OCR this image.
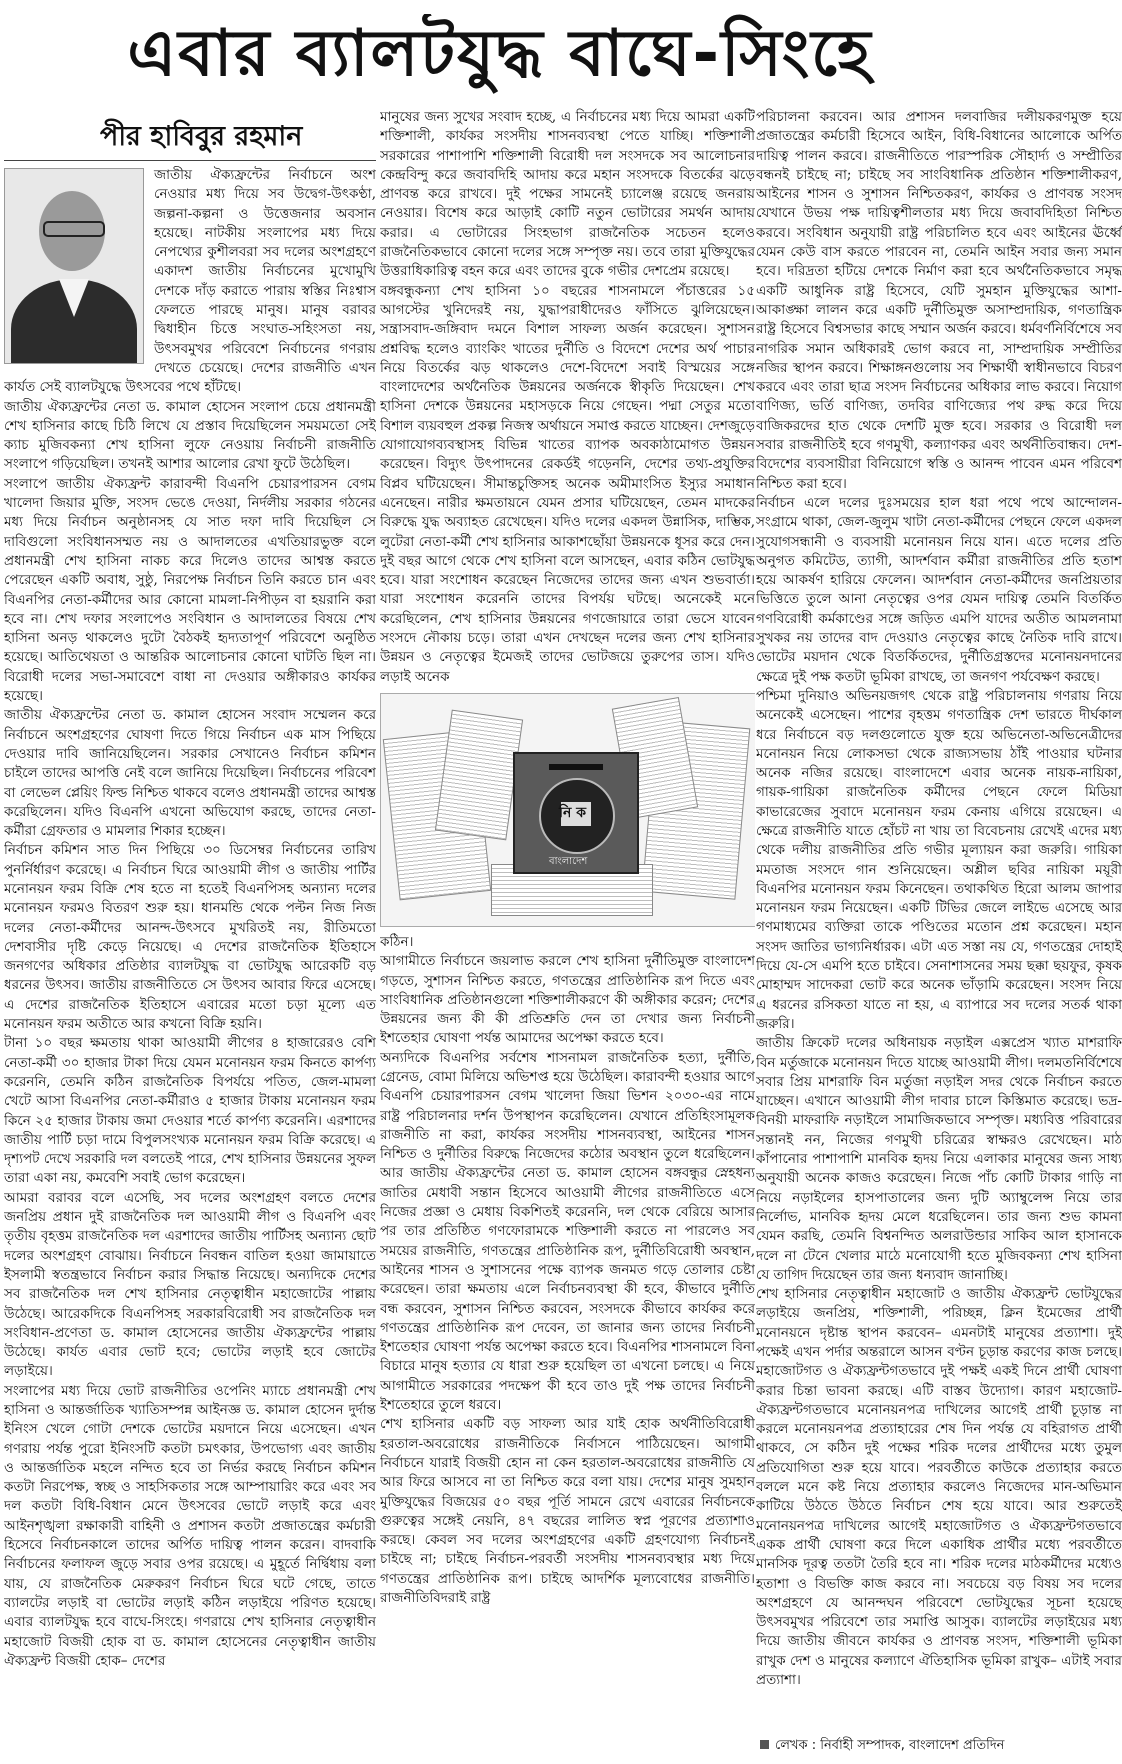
এবার ব্যালটযুদ্ধ বাঘে-সিংহে
পীর হাবিবুর রহমান

জাতীয় ঐক্যফ্রন্টের নির্বাচনে অংশ নেওয়ার মধ্য দিয়ে সব উদ্বেগ-উৎকণ্ঠা, জল্পনা-কল্পনা ও উত্তেজনার অবসান হয়েছে। নাটকীয় সংলাপের মধ্য দিয়ে নেপথ্যের কুশীলবরা সব দলের অংশগ্রহণে একাদশ জাতীয় নির্বাচনের মুখোমুখি দেশকে দাঁড় করাতে পারায় স্বস্তির নিঃশ্বাস ফেলতে পারছে মানুষ। মানুষ বরাবর দ্বিধাহীন চিত্তে সংঘাত-সহিংসতা নয়, উৎসবমুখর পরিবেশে নির্বাচনের গণরায় দেখতে চেয়েছে। দেশের রাজনীতি এখন কার্যত সেই ব্যালটযুদ্ধে উৎসবের পথে হাঁটছে।

জাতীয় ঐক্যফ্রন্টের নেতা ড. কামাল হোসেন সংলাপ চেয়ে প্রধানমন্ত্রী শেখ হাসিনার কাছে চিঠি লিখে যে প্রস্তাব দিয়েছিলেন সময়মতো সেই ক্যাচ মুজিবকন্যা শেখ হাসিনা লুফে নেওয়ায় নির্বাচনী রাজনীতি সংলাপে গড়িয়েছিল। তখনই আশার আলোর রেখা ফুটে উঠেছিল।

সংলাপে জাতীয় ঐক্যফ্রন্ট কারাবন্দী বিএনপি চেয়ারপারসন বেগম খালেদা জিয়ার মুক্তি, সংসদ ভেঙে দেওয়া, নির্দলীয় সরকার গঠনের মধ্য দিয়ে নির্বাচন অনুষ্ঠানসহ যে সাত দফা দাবি দিয়েছিল সে দাবিগুলো সংবিধানসম্মত নয় ও আদালতের এখতিয়ারভুক্ত বলে প্রধানমন্ত্রী শেখ হাসিনা নাকচ করে দিলেও তাদের আশ্বস্ত করতে পেরেছেন একটি অবাধ, সুষ্ঠু, নিরপেক্ষ নির্বাচন তিনি করতে চান এবং বিএনপির নেতা-কর্মীদের আর কোনো মামলা-নিপীড়ন বা হয়রানি করা হবে না। শেখ দফার সংলাপেও সংবিধান ও আদালতের বিষয়ে শেখ হাসিনা অনড় থাকলেও দুটো বৈঠকই হৃদ্যতাপূর্ণ পরিবেশে অনুষ্ঠিত হয়েছে। আতিথেয়তা ও আন্তরিক আলোচনার কোনো ঘাটতি ছিল না। বিরোধী দলের সভা-সমাবেশে বাধা না দেওয়ার অঙ্গীকারও কার্যকর হয়েছে।

জাতীয় ঐক্যফ্রন্টের নেতা ড. কামাল হোসেন সংবাদ সম্মেলন করে নির্বাচনে অংশগ্রহণের ঘোষণা দিতে গিয়ে নির্বাচন এক মাস পিছিয়ে দেওয়ার দাবি জানিয়েছিলেন। সরকার সেখানেও নির্বাচন কমিশন চাইলে তাদের আপত্তি নেই বলে জানিয়ে দিয়েছিল। নির্বাচনের পরিবেশ বা লেভেল প্লেয়িং ফিল্ড নিশ্চিত থাকবে বলেও প্রধানমন্ত্রী তাদের আশ্বস্ত করেছিলেন। যদিও বিএনপি এখনো অভিযোগ করছে, তাদের নেতা-কর্মীরা গ্রেফতার ও মামলার শিকার হচ্ছেন।

নির্বাচন কমিশন সাত দিন পিছিয়ে ৩০ ডিসেম্বর নির্বাচনের তারিখ পুনর্নির্ধারণ করেছে। এ নির্বাচন ঘিরে আওয়ামী লীগ ও জাতীয় পার্টির মনোনয়ন ফরম বিক্রি শেষ হতে না হতেই বিএনপিসহ অন্যান্য দলের মনোনয়ন ফরমও বিতরণ শুরু হয়। ধানমন্ডি থেকে পল্টন নিজ নিজ দলের নেতা-কর্মীদের আনন্দ-উৎসবে মুখরিতই নয়, রীতিমতো দেশবাসীর দৃষ্টি কেড়ে নিয়েছে। এ দেশের রাজনৈতিক ইতিহাসে জনগণের অধিকার প্রতিষ্ঠার ব্যালটযুদ্ধ বা ভোটযুদ্ধ আরেকটি বড় ধরনের উৎসব। জাতীয় রাজনীতিতে সে উৎসব আবার ফিরে এসেছে। এ দেশের রাজনৈতিক ইতিহাসে এবারের মতো চড়া মূল্যে এত মনোনয়ন ফরম অতীতে আর কখনো বিক্রি হয়নি।

টানা ১০ বছর ক্ষমতায় থাকা আওয়ামী লীগের ৪ হাজারেরও বেশি নেতা-কর্মী ৩০ হাজার টাকা দিয়ে যেমন মনোনয়ন ফরম কিনতে কার্পণ্য করেননি, তেমনি কঠিন রাজনৈতিক বিপর্যয়ে পতিত, জেল-মামলা খেটে আসা বিএনপির নেতা-কর্মীরাও ৫ হাজার টাকায় মনোনয়ন ফরম কিনে ২৫ হাজার টাকায় জমা দেওয়ার শর্তে কার্পণ্য করেননি। এরশাদের জাতীয় পার্টি চড়া দামে বিপুলসংখ্যক মনোনয়ন ফরম বিক্রি করেছে। এ দৃশ্যপট দেখে সরকারি দল বলতেই পারে, শেখ হাসিনার উন্নয়নের সুফল তারা একা নয়, কমবেশি সবাই ভোগ করেছেন।

আমরা বরাবর বলে এসেছি, সব দলের অংশগ্রহণ বলতে দেশের জনপ্রিয় প্রধান দুই রাজনৈতিক দল আওয়ামী লীগ ও বিএনপি এবং তৃতীয় বৃহত্তম রাজনৈতিক দল এরশাদের জাতীয় পার্টিসহ অন্যান্য ছোট দলের অংশগ্রহণ বোঝায়। নির্বাচনে নিবন্ধন বাতিল হওয়া জামায়াতে ইসলামী স্বতন্ত্রভাবে নির্বাচন করার সিদ্ধান্ত নিয়েছে। অন্যদিকে দেশের সব রাজনৈতিক দল শেখ হাসিনার নেতৃত্বাধীন মহাজোটের পাল্লায় উঠেছে। আরেকদিকে বিএনপিসহ সরকারবিরোধী সব রাজনৈতিক দল সংবিধান-প্রণেতা ড. কামাল হোসেনের জাতীয় ঐক্যফ্রন্টের পাল্লায় উঠেছে। কার্যত এবার ভোট হবে; ভোটের লড়াই হবে জোটের লড়াইয়ে।

সংলাপের মধ্য দিয়ে ভোট রাজনীতির ওপেনিং ম্যাচে প্রধানমন্ত্রী শেখ হাসিনা ও আন্তর্জাতিক খ্যাতিসম্পন্ন আইনজ্ঞ ড. কামাল হোসেন দুর্দান্ত ইনিংস খেলে গোটা দেশকে ভোটের ময়দানে নিয়ে এসেছেন। এখন গণরায় পর্যন্ত পুরো ইনিংসটি কতটা চমৎকার, উপভোগ্য এবং জাতীয় ও আন্তর্জাতিক মহলে নন্দিত হবে তা নির্ভর করছে নির্বাচন কমিশন কতটা নিরপেক্ষ, স্বচ্ছ ও সাহসিকতার সঙ্গে আম্পায়ারিং করে এবং সব দল কতটা বিধি-বিধান মেনে উৎসবের ভোটে লড়াই করে এবং আইনশৃঙ্খলা রক্ষাকারী বাহিনী ও প্রশাসন কতটা প্রজাতন্ত্রের কর্মচারী হিসেবে নির্বাচনকালে তাদের অর্পিত দায়িত্ব পালন করেন। বাদবাকি নির্বাচনের ফলাফল জুড়ে সবার ওপর রয়েছে। এ মুহূর্তে নির্দ্বিধায় বলা যায়, যে রাজনৈতিক মেরুকরণ নির্বাচন ঘিরে ঘটে গেছে, তাতে ব্যালটের লড়াই বা ভোটের লড়াই কঠিন লড়াইয়ে পরিণত হয়েছে। এবার ব্যালটযুদ্ধ হবে বাঘে-সিংহে। গণরায়ে শেখ হাসিনার নেতৃত্বাধীন মহাজোট বিজয়ী হোক বা ড. কামাল হোসেনের নেতৃত্বাধীন জাতীয় ঐক্যফ্রন্ট বিজয়ী হোক– দেশের

মানুষের জন্য সুখের সংবাদ হচ্ছে, এ নির্বাচনের মধ্য দিয়ে আমরা একটি শক্তিশালী, কার্যকর সংসদীয় শাসনব্যবস্থা পেতে যাচ্ছি। শক্তিশালী সরকারের পাশাপাশি শক্তিশালী বিরোধী দল সংসদকে সব আলোচনার কেন্দ্রবিন্দু করে জবাবদিহি আদায় করে মহান সংসদকে বিতর্কের ঝড়ে প্রাণবন্ত করে রাখবে। দুই পক্ষের সামনেই চ্যালেঞ্জ রয়েছে জনরায় নেওয়ার। বিশেষ করে আড়াই কোটি নতুন ভোটারের সমর্থন আদায় করার। এ ভোটারের সিংহভাগ রাজনৈতিক সচেতন হলেও রাজনৈতিকভাবে কোনো দলের সঙ্গে সম্পৃক্ত নয়। তবে তারা মুক্তিযুদ্ধের উত্তরাধিকারিত্ব বহন করে এবং তাদের বুকে গভীর দেশপ্রেম রয়েছে।

বঙ্গবন্ধুকন্যা শেখ হাসিনা ১০ বছরের শাসনামলে পঁচাত্তরের ১৫ আগস্টের খুনিদেরই নয়, যুদ্ধাপরাধীদেরও ফাঁসিতে ঝুলিয়েছেন। সন্ত্রাসবাদ-জঙ্গিবাদ দমনে বিশাল সাফল্য অর্জন করেছেন। সুশাসন প্রশ্নবিদ্ধ হলেও ব্যাংকিং খাতের দুর্নীতি ও বিদেশে দেশের অর্থ পাচার নিয়ে বিতর্কের ঝড় থাকলেও দেশে-বিদেশে সবাই বিস্ময়ের সঙ্গে বাংলাদেশের অর্থনৈতিক উন্নয়নের অর্জনকে স্বীকৃতি দিয়েছেন। শেখ হাসিনা দেশকে উন্নয়নের মহাসড়কে নিয়ে গেছেন। পদ্মা সেতুর মতো বিশাল ব্যয়বহুল প্রকল্প নিজস্ব অর্থায়নে সমাপ্ত করতে যাচ্ছেন। দেশজুড়ে যোগাযোগব্যবস্থাসহ বিভিন্ন খাতের ব্যাপক অবকাঠামোগত উন্নয়ন করেছেন। বিদ্যুৎ উৎপাদনের রেকর্ডই গড়েননি, দেশের তথ্য-প্রযুক্তির বিপ্লব ঘটিয়েছেন। সীমান্তচুক্তিসহ অনেক অমীমাংসিত ইস্যুর সমাধান এনেছেন। নারীর ক্ষমতায়নে যেমন প্রসার ঘটিয়েছেন, তেমন মাদকের বিরুদ্ধে যুদ্ধ অব্যাহত রেখেছেন। যদিও দলের একদল উন্নাসিক, দাম্ভিক, লুটেরা নেতা-কর্মী শেখ হাসিনার আকাশছোঁয়া উন্নয়নকে ধূসর করে দেন। দুই বছর আগে থেকে শেখ হাসিনা বলে আসছেন, এবার কঠিন ভোটযুদ্ধ হবে। যারা সংশোধন করেছেন নিজেদের তাদের জন্য এখন শুভবার্তা। যারা সংশোধন করেননি তাদের বিপর্যয় ঘটছে। অনেকেই মনে করেছিলেন, শেখ হাসিনার উন্নয়নের গণজোয়ারে তারা ভেসে যাবেন সংসদে নৌকায় চড়ে। তারা এখন দেখছেন দলের জন্য শেখ হাসিনার উন্নয়ন ও নেতৃত্বের ইমেজই তাদের ভোটজয়ে তুরুপের তাস। যদিও লড়াই অনেক

নি ক
বাংলাদেশ

কঠিন।

আগামীতে নির্বাচনে জয়লাভ করলে শেখ হাসিনা দুর্নীতিমুক্ত বাংলাদেশ গড়তে, সুশাসন নিশ্চিত করতে, গণতন্ত্রের প্রাতিষ্ঠানিক রূপ দিতে এবং সাংবিধানিক প্রতিষ্ঠানগুলো শক্তিশালীকরণে কী অঙ্গীকার করেন; দেশের উন্নয়নের জন্য কী কী প্রতিশ্রুতি দেন তা দেখার জন্য নির্বাচনী ইশতেহার ঘোষণা পর্যন্ত আমাদের অপেক্ষা করতে হবে।

অন্যদিকে বিএনপির সর্বশেষ শাসনামল রাজনৈতিক হত্যা, দুর্নীতি, গ্রেনেড, বোমা মিলিয়ে অভিশপ্ত হয়ে উঠেছিল। কারাবন্দী হওয়ার আগে বিএনপি চেয়ারপারসন বেগম খালেদা জিয়া ভিশন ২০৩০-এর নামে রাষ্ট্র পরিচালনার দর্শন উপস্থাপন করেছিলেন। যেখানে প্রতিহিংসামূলক রাজনীতি না করা, কার্যকর সংসদীয় শাসনব্যবস্থা, আইনের শাসন নিশ্চিত ও দুর্নীতির বিরুদ্ধে নিজেদের কঠোর অবস্থান তুলে ধরেছিলেন। আর জাতীয় ঐক্যফ্রন্টের নেতা ড. কামাল হোসেন বঙ্গবন্ধুর স্নেহধন্য জাতির মেধাবী সন্তান হিসেবে আওয়ামী লীগের রাজনীতিতে এসে নিজের প্রজ্ঞা ও মেধায় বিকশিতই করেননি, দল থেকে বেরিয়ে আসার পর তার প্রতিষ্ঠিত গণফোরামকে শক্তিশালী করতে না পারলেও সব সময়ের রাজনীতি, গণতন্ত্রের প্রাতিষ্ঠানিক রূপ, দুর্নীতিবিরোধী অবস্থান, আইনের শাসন ও সুশাসনের পক্ষে ব্যাপক জনমত গড়ে তোলার চেষ্টা করেছেন। তারা ক্ষমতায় এলে নির্বাচনব্যবস্থা কী হবে, কীভাবে দুর্নীতি বন্ধ করবেন, সুশাসন নিশ্চিত করবেন, সংসদকে কীভাবে কার্যকর করে গণতন্ত্রের প্রাতিষ্ঠানিক রূপ দেবেন, তা জানার জন্য তাদের নির্বাচনী ইশতেহার ঘোষণা পর্যন্ত অপেক্ষা করতে হবে। বিএনপির শাসনামলে বিনা বিচারে মানুষ হত্যার যে ধারা শুরু হয়েছিল তা এখনো চলছে। এ নিয়ে আগামীতে সরকারের পদক্ষেপ কী হবে তাও দুই পক্ষ তাদের নির্বাচনী ইশতেহারে তুলে ধরবে।

শেখ হাসিনার একটি বড় সাফল্য আর যাই হোক অর্থনীতিবিরোধী হরতাল-অবরোধের রাজনীতিকে নির্বাসনে পাঠিয়েছেন। আগামী নির্বাচনে যারাই বিজয়ী হোন না কেন হরতাল-অবরোধের রাজনীতি যে আর ফিরে আসবে না তা নিশ্চিত করে বলা যায়। দেশের মানুষ সুমহান মুক্তিযুদ্ধের বিজয়ের ৫০ বছর পূর্তি সামনে রেখে এবারের নির্বাচনকে গুরুত্বের সঙ্গেই নেয়নি, ৪৭ বছরের লালিত স্বপ্ন পূরণের প্রত্যাশাও করছে। কেবল সব দলের অংশগ্রহণের একটি গ্রহণযোগ্য নির্বাচনই চাইছে না; চাইছে নির্বাচন-পরবর্তী সংসদীয় শাসনব্যবস্থার মধ্য দিয়ে গণতন্ত্রের প্রাতিষ্ঠানিক রূপ। চাইছে আদর্শিক মূল্যবোধের রাজনীতি। রাজনীতিবিদরাই রাষ্ট্র

পরিচালনা করবেন। আর প্রশাসন দলবাজির দলীয়করণমুক্ত হয়ে প্রজাতন্ত্রের কর্মচারী হিসেবে আইন, বিধি-বিধানের আলোকে অর্পিত দায়িত্ব পালন করবে। রাজনীতিতে পারস্পরিক সৌহার্দ্য ও সম্প্রীতির বন্ধনই চাইছে না; চাইছে সব সাংবিধানিক প্রতিষ্ঠান শক্তিশালীকরণ, আইনের শাসন ও সুশাসন নিশ্চিতকরণ, কার্যকর ও প্রাণবন্ত সংসদ যেখানে উভয় পক্ষ দায়িত্বশীলতার মধ্য দিয়ে জবাবদিহিতা নিশ্চিত করবে। সংবিধান অনুযায়ী রাষ্ট্র পরিচালিত হবে এবং আইনের ঊর্ধ্বে যেমন কেউ বাস করতে পারবেন না, তেমনি আইন সবার জন্য সমান হবে। দরিদ্রতা হটিয়ে দেশকে নির্মাণ করা হবে অর্থনৈতিকভাবে সমৃদ্ধ একটি আধুনিক রাষ্ট্র হিসেবে, যেটি সুমহান মুক্তিযুদ্ধের আশা-আকাঙ্ক্ষা লালন করে একটি দুর্নীতিমুক্ত অসাম্প্রদায়িক, গণতান্ত্রিক রাষ্ট্র হিসেবে বিশ্বসভার কাছে সম্মান অর্জন করবে। ধর্মবর্ণনির্বিশেষে সব নাগরিক সমান অধিকারই ভোগ করবে না, সাম্প্রদায়িক সম্প্রীতির নজির স্থাপন করবে। শিক্ষাঙ্গনগুলোয় সব শিক্ষার্থী স্বাধীনভাবে বিচরণ করবে এবং তারা ছাত্র সংসদ নির্বাচনের অধিকার লাভ করবে। নিয়োগ বাণিজ্য, ভর্তি বাণিজ্য, তদবির বাণিজ্যের পথ রুদ্ধ করে দিয়ে বাজিকরদের হাত থেকে দেশটি মুক্ত হবে। সরকার ও বিরোধী দল সবার রাজনীতিই হবে গণমুখী, কল্যাণকর এবং অর্থনীতিবান্ধব। দেশ-বিদেশের ব্যবসায়ীরা বিনিয়োগে স্বস্তি ও আনন্দ পাবেন এমন পরিবেশ নিশ্চিত করা হবে।

নির্বাচন এলে দলের দুঃসময়ের হাল ধরা পথে পথে আন্দোলন-সংগ্রামে থাকা, জেল-জুলুম খাটা নেতা-কর্মীদের পেছনে ফেলে একদল সুযোগসন্ধানী ও ব্যবসায়ী মনোনয়ন নিয়ে যান। এতে দলের প্রতি অনুগত কমিটেড, ত্যাগী, আদর্শবান কর্মীরা রাজনীতির প্রতি হতাশ হয়ে আকর্ষণ হারিয়ে ফেলেন। আদর্শবান নেতা-কর্মীদের জনপ্রিয়তার ভিত্তিতে তুলে আনা নেতৃত্বের ওপর যেমন দায়িত্ব তেমনি বিতর্কিত গণবিরোধী কর্মকাণ্ডের সঙ্গে জড়িত এমপি যাদের অতীত আমলনামা সুখকর নয় তাদের বাদ দেওয়াও নেতৃত্বের কাছে নৈতিক দাবি রাখে। ভোটের ময়দান থেকে বিতর্কিতদের, দুর্নীতিগ্রস্তদের মনোনয়নদানের ক্ষেত্রে দুই পক্ষ কতটা ভূমিকা রাখছে, তা জনগণ পর্যবেক্ষণ করছে।

পশ্চিমা দুনিয়াও অভিনয়জগৎ থেকে রাষ্ট্র পরিচালনায় গণরায় নিয়ে অনেকেই এসেছেন। পাশের বৃহত্তম গণতান্ত্রিক দেশ ভারতে দীর্ঘকাল ধরে নির্বাচনে বড় দলগুলোতে যুক্ত হয়ে অভিনেতা-অভিনেত্রীদের মনোনয়ন নিয়ে লোকসভা থেকে রাজ্যসভায় ঠাঁই পাওয়ার ঘটনার অনেক নজির রয়েছে। বাংলাদেশে এবার অনেক নায়ক-নায়িকা, গায়ক-গায়িকা রাজনৈতিক কর্মীদের পেছনে ফেলে মিডিয়া কাভারেজের সুবাদে মনোনয়ন ফরম কেনায় এগিয়ে রয়েছেন। এ ক্ষেত্রে রাজনীতি যাতে হোঁচট না খায় তা বিবেচনায় রেখেই এদের মধ্য থেকে দলীয় রাজনীতির প্রতি গভীর মূল্যায়ন করা জরুরি। গায়িকা মমতাজ সংসদে গান শুনিয়েছেন। অশ্লীল ছবির নায়িকা ময়ূরী বিএনপির মনোনয়ন ফরম কিনেছেন। তথাকথিত হিরো আলম জাপার মনোনয়ন ফরম নিয়েছেন। একটি টিভির জেলে লাইভে এসেছে আর গণমাধ্যমের ব্যক্তিরা তাকে পণ্ডিতের মতোন প্রশ্ন করেছেন। মহান সংসদ জাতির ভাগ্যনির্ধারক। এটা এত সস্তা নয় যে, গণতন্ত্রের দোহাই দিয়ে যে-সে এমপি হতে চাইবে। সেনাশাসনের সময় ছক্কা ছয়ফুর, কৃষক মোহাম্মদ সাদেকরা ভোট করে অনেক ভাঁড়ামি করেছেন। সংসদ নিয়ে এ ধরনের রসিকতা যাতে না হয়, এ ব্যাপারে সব দলের সতর্ক থাকা জরুরি।

জাতীয় ক্রিকেট দলের অধিনায়ক নড়াইল এক্সপ্রেস খ্যাত মাশরাফি বিন মর্তুজাকে মনোনয়ন দিতে যাচ্ছে আওয়ামী লীগ। দলমতনির্বিশেষে সবার প্রিয় মাশরাফি বিন মর্তুজা নড়াইল সদর থেকে নির্বাচন করতে যাচ্ছেন। এখানে আওয়ামী লীগ দাবার চালে কিস্তিমাত করেছে। ভদ্র-বিনয়ী মাফরাফি নড়াইলে সামাজিকভাবে সম্পৃক্ত। মধ্যবিত্ত পরিবারের সন্তানই নন, নিজের গণমুখী চরিত্রের স্বাক্ষরও রেখেছেন। মাঠ কাঁপানোর পাশাপাশি মানবিক হৃদয় নিয়ে এলাকার মানুষের জন্য সাধ্য অনুযায়ী অনেক কাজও করেছেন। নিজে পাঁচ কোটি টাকার গাড়ি না নিয়ে নড়াইলের হাসপাতালের জন্য দুটি অ্যাম্বুলেন্স নিয়ে তার নির্লোভ, মানবিক হৃদয় মেলে ধরেছিলেন। তার জন্য শুভ কামনা যেমন করছি, তেমনি বিশ্বনন্দিত অলরাউন্ডার সাকিব আল হাসানকে দলে না টেনে খেলার মাঠে মনোযোগী হতে মুজিবকন্যা শেখ হাসিনা যে তাগিদ দিয়েছেন তার জন্য ধন্যবাদ জানাচ্ছি।

শেখ হাসিনার নেতৃত্বাধীন মহাজোট ও জাতীয় ঐক্যফ্রন্ট ভোটযুদ্ধের লড়াইয়ে জনপ্রিয়, শক্তিশালী, পরিচ্ছন্ন, ক্লিন ইমেজের প্রার্থী মনোনয়নে দৃষ্টান্ত স্থাপন করবেন– এমনটাই মানুষের প্রত্যাশা। দুই পক্ষেই এখন পর্দার অন্তরালে আসন বণ্টন চূড়ান্ত করণের কাজ চলছে। মহাজোটগত ও ঐক্যফ্রন্টগতভাবে দুই পক্ষই একই দিনে প্রার্থী ঘোষণা করার চিন্তা ভাবনা করছে। এটি বাস্তব উদ্যোগ। কারণ মহাজোট-ঐক্যফ্রন্টগতভাবে মনোনয়নপত্র দাখিলের আগেই প্রার্থী চূড়ান্ত না করলে মনোনয়নপত্র প্রত্যাহারের শেষ দিন পর্যন্ত যে বহিরাগত প্রার্থী থাকবে, সে কঠিন দুই পক্ষের শরিক দলের প্রার্থীদের মধ্যে তুমুল প্রতিযোগিতা শুরু হয়ে যাবে। পরবর্তীতে কাউকে প্রত্যাহার করতে বললে মনে কষ্ট নিয়ে প্রত্যাহার করলেও নিজেদের মান-অভিমান কাটিয়ে উঠতে উঠতে নির্বাচন শেষ হয়ে যাবে। আর শুরুতেই মনোনয়নপত্র দাখিলের আগেই মহাজোটগত ও ঐক্যফ্রন্টগতভাবে একক প্রার্থী ঘোষণা করে দিলে একাধিক প্রার্থীর মধ্যে পরবর্তীতে মানসিক দূরত্ব ততটা তৈরি হবে না। শরিক দলের মাঠকর্মীদের মধ্যেও হতাশা ও বিভক্তি কাজ করবে না। সবচেয়ে বড় বিষয় সব দলের অংশগ্রহণে যে আনন্দঘন পরিবেশে ভোটযুদ্ধের সূচনা হয়েছে উৎসবমুখর পরিবেশে তার সমাপ্তি আসুক। ব্যালটের লড়াইয়ের মধ্য দিয়ে জাতীয় জীবনে কার্যকর ও প্রাণবন্ত সংসদ, শক্তিশালী ভূমিকা রাখুক দেশ ও মানুষের কল্যাণে ঐতিহাসিক ভূমিকা রাখুক– এটাই সবার প্রত্যাশা।

লেখক : নির্বাহী সম্পাদক, বাংলাদেশ প্রতিদিন
